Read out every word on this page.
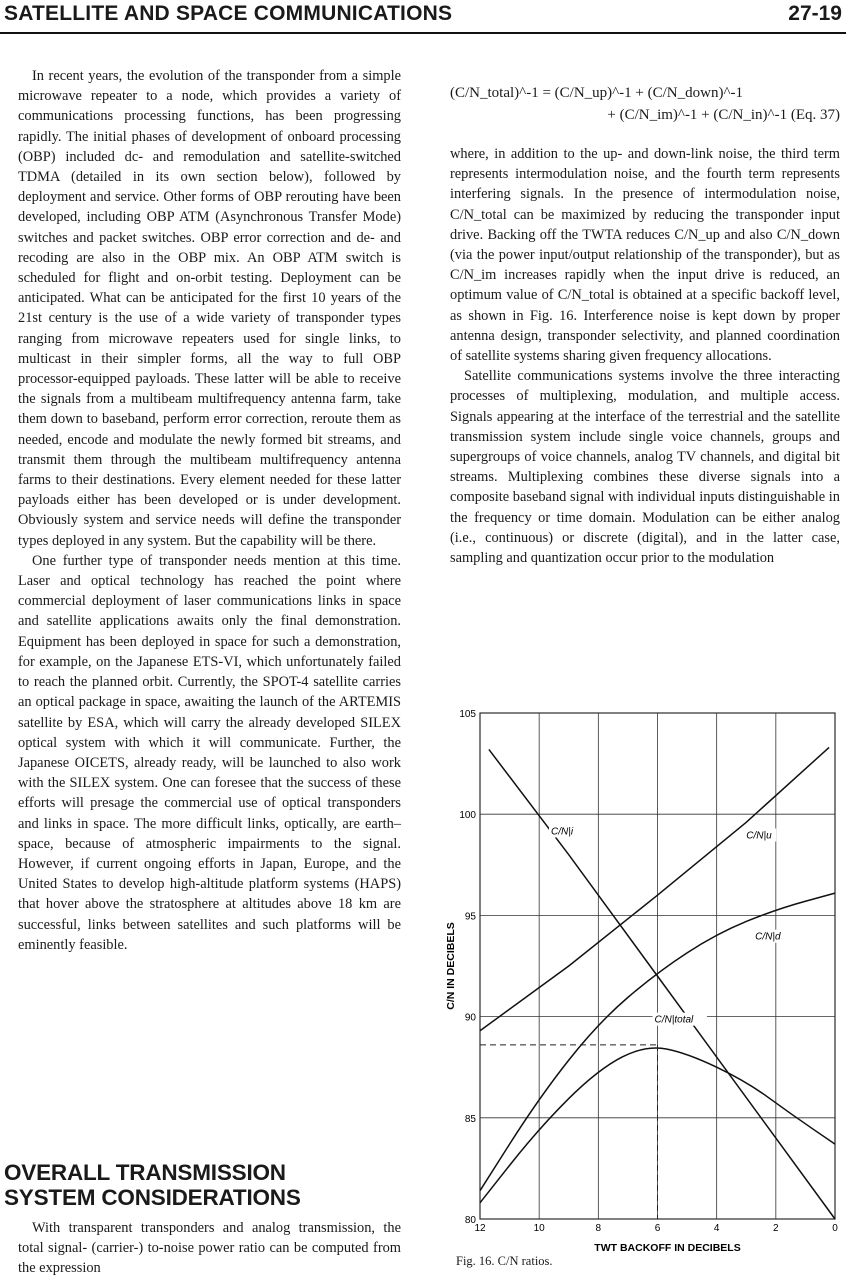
SATELLITE AND SPACE COMMUNICATIONS	27-19

In recent years, the evolution of the transponder from a simple microwave repeater to a node, which provides a variety of communications processing functions, has been progressing rapidly. The initial phases of development of onboard processing (OBP) included dc- and remodulation and satellite-switched TDMA (detailed in its own section below), followed by deployment and service. Other forms of OBP rerouting have been developed, including OBP ATM (Asynchronous Transfer Mode) switches and packet switches. OBP error correction and de- and recoding are also in the OBP mix. An OBP ATM switch is scheduled for flight and on-orbit testing. Deployment can be anticipated. What can be anticipated for the first 10 years of the 21st century is the use of a wide variety of transponder types ranging from microwave repeaters used for single links, to multicast in their simpler forms, all the way to full OBP processor-equipped payloads. These latter will be able to receive the signals from a multibeam multifrequency antenna farm, take them down to baseband, perform error correction, reroute them as needed, encode and modulate the newly formed bit streams, and transmit them through the multibeam multifrequency antenna farms to their destinations. Every element needed for these latter payloads either has been developed or is under development. Obviously system and service needs will define the transponder types deployed in any system. But the capability will be there.

One further type of transponder needs mention at this time. Laser and optical technology has reached the point where commercial deployment of laser communications links in space and satellite applications awaits only the final demonstration. Equipment has been deployed in space for such a demonstration, for example, on the Japanese ETS-VI, which unfortunately failed to reach the planned orbit. Currently, the SPOT-4 satellite carries an optical package in space, awaiting the launch of the ARTEMIS satellite by ESA, which will carry the already developed SILEX optical system with which it will communicate. Further, the Japanese OICETS, already ready, will be launched to also work with the SILEX system. One can foresee that the success of these efforts will presage the commercial use of optical transponders and links in space. The more difficult links, optically, are earth–space, because of atmospheric impairments to the signal. However, if current ongoing efforts in Japan, Europe, and the United States to develop high-altitude platform systems (HAPS) that hover above the stratosphere at altitudes above 18 km are successful, links between satellites and such platforms will be eminently feasible.

OVERALL TRANSMISSION
SYSTEM CONSIDERATIONS

With transparent transponders and analog transmission, the total signal- (carrier-) to-noise power ratio can be computed from the expression

(C/N_total)^-1 = (C/N_up)^-1 + (C/N_down)^-1
+ (C/N_im)^-1 + (C/N_in)^-1 (Eq. 37)

where, in addition to the up- and down-link noise, the third term represents intermodulation noise, and the fourth term represents interfering signals. In the presence of intermodulation noise, C/N_total can be maximized by reducing the transponder input drive. Backing off the TWTA reduces C/N_up and also C/N_down (via the power input/output relationship of the transponder), but as C/N_im increases rapidly when the input drive is reduced, an optimum value of C/N_total is obtained at a specific backoff level, as shown in Fig. 16. Interference noise is kept down by proper antenna design, transponder selectivity, and planned coordination of satellite systems sharing given frequency allocations.

Satellite communications systems involve the three interacting processes of multiplexing, modulation, and multiple access. Signals appearing at the interface of the terrestrial and the satellite transmission system include single voice channels, groups and supergroups of voice channels, analog TV channels, and digital bit streams. Multiplexing combines these diverse signals into a composite baseband signal with individual inputs distinguishable in the frequency or time domain. Modulation can be either analog (i.e., continuous) or discrete (digital), and in the latter case, sampling and quantization occur prior to the modulation

12	10	8	6	4	2	0
105
100
95
90
85
80
TWT BACKOFF IN DECIBELS
C/N IN DECIBELS
C/N|i	C/N|u
C/N|d
C/N|total
Fig. 16. C/N ratios.
